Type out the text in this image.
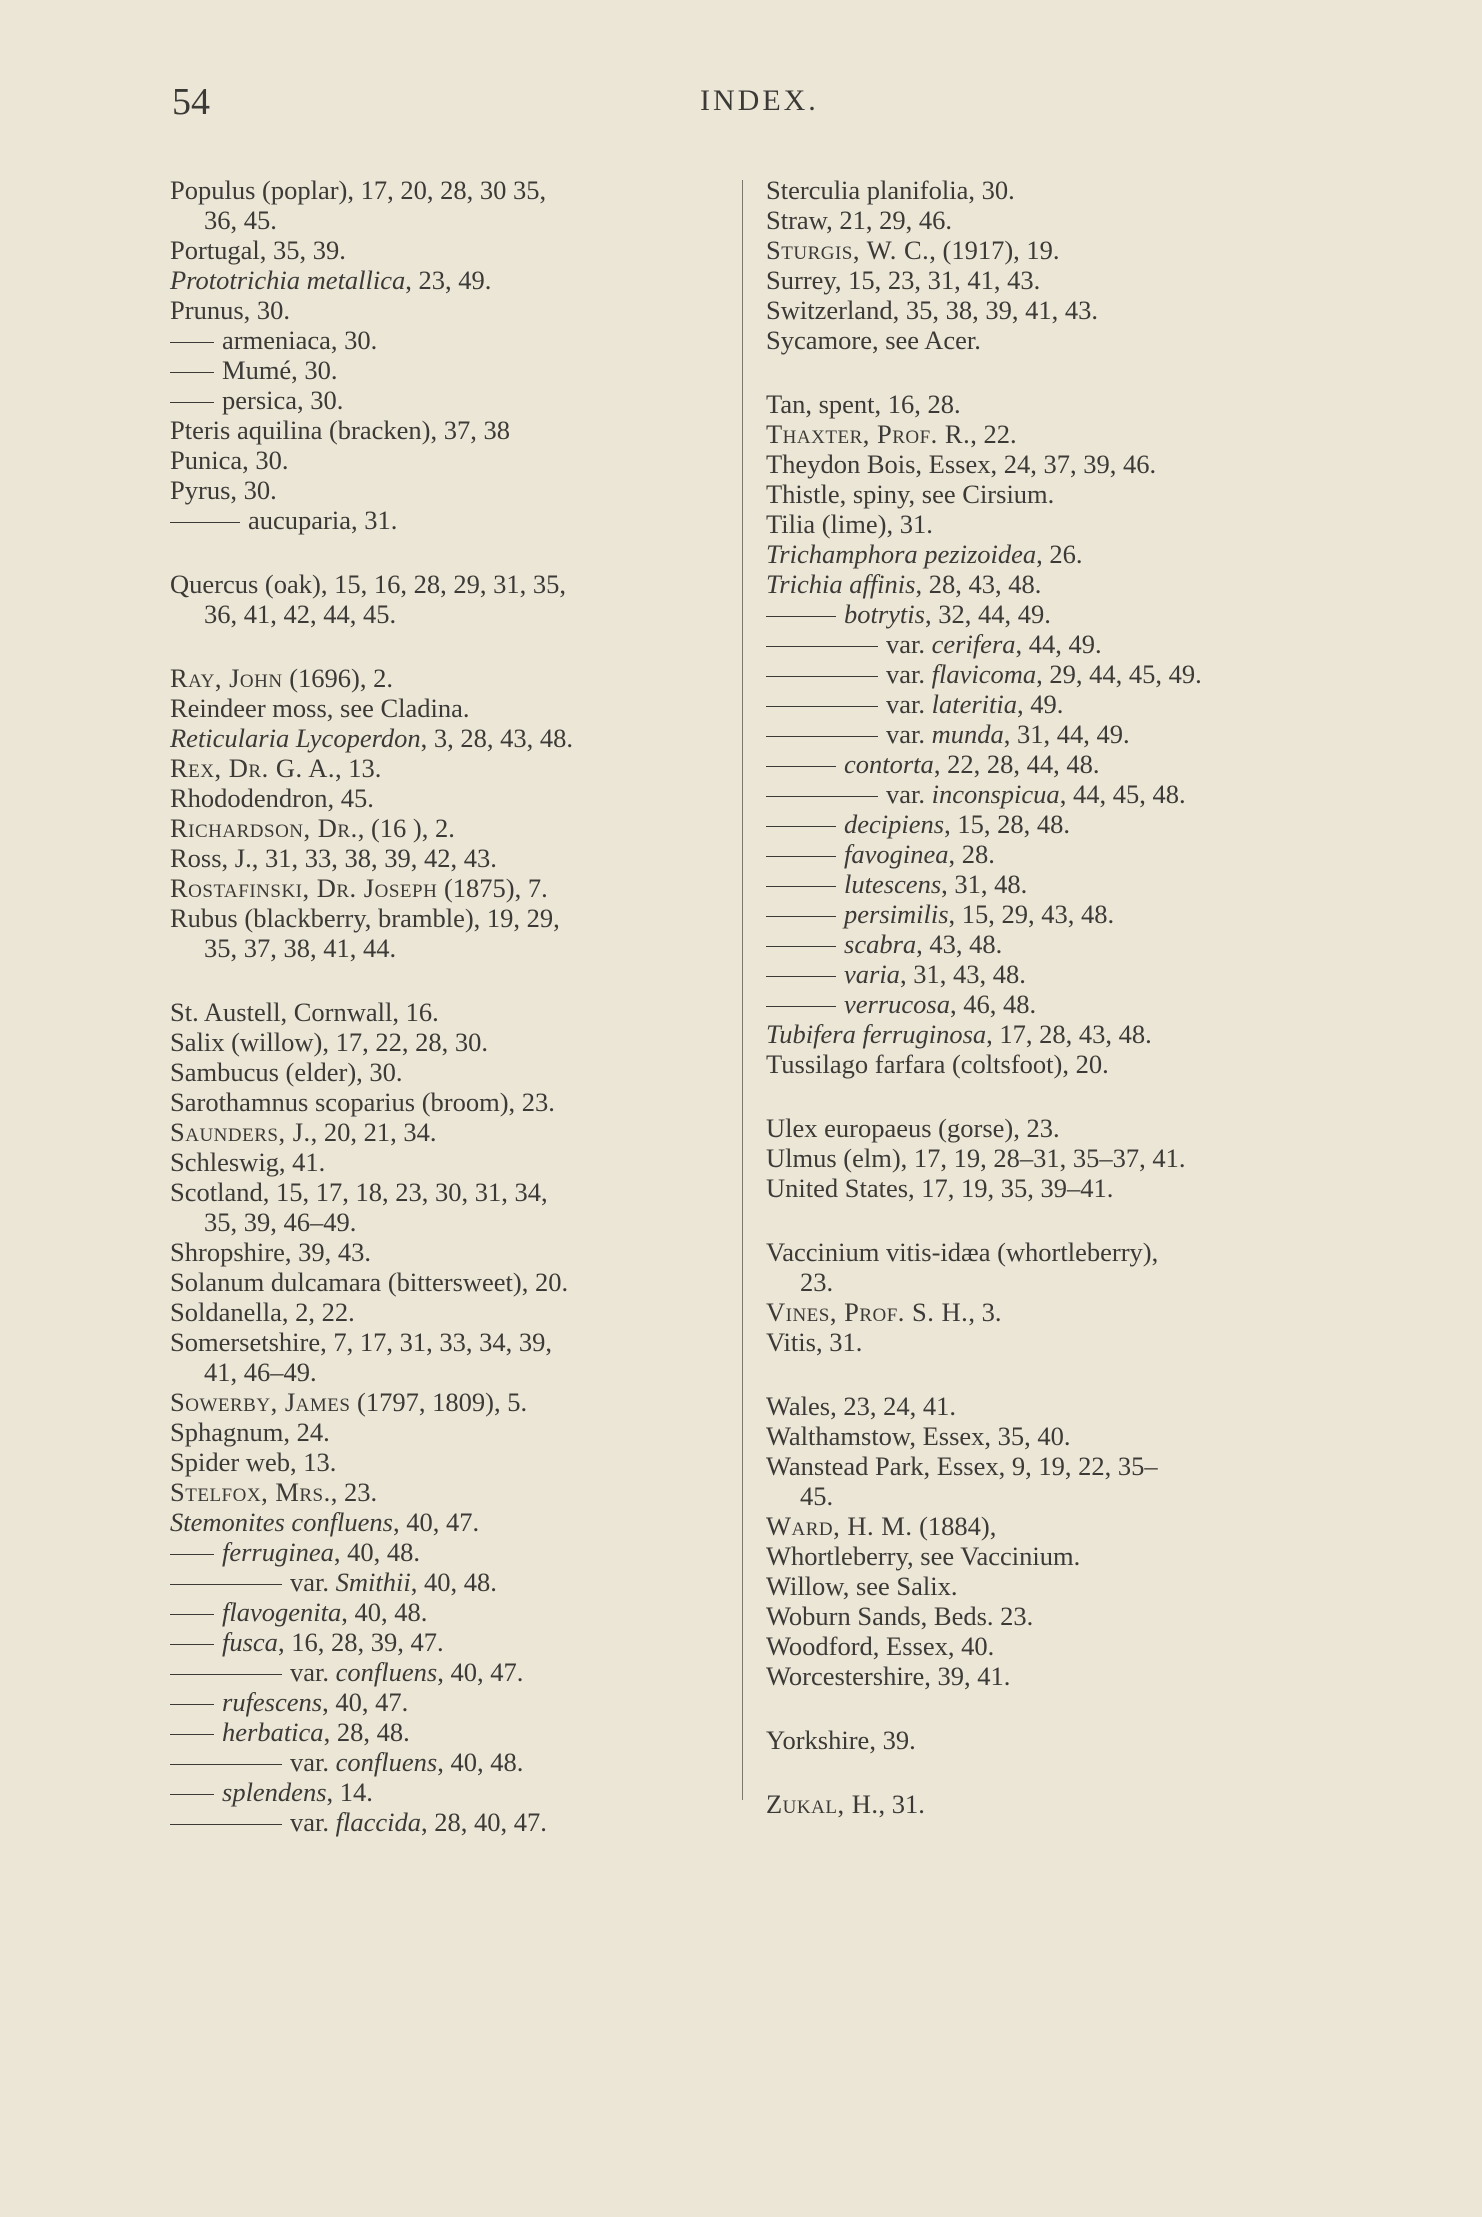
54	INDEX.
Populus (poplar), 17, 20, 28, 30 35,
36, 45.
Portugal, 35, 39.
Prototrichia metallica, 23, 49.
Prunus, 30.
armeniaca, 30.
Mumé, 30.
persica, 30.
Pteris aquilina (bracken), 37, 38
Punica, 30.
Pyrus, 30.
aucuparia, 31.
Quercus (oak), 15, 16, 28, 29, 31, 35,
36, 41, 42, 44, 45.
Ray, John (1696), 2.
Reindeer moss, see Cladina.
Reticularia Lycoperdon, 3, 28, 43, 48.
Rex, Dr. G. A., 13.
Rhododendron, 45.
Richardson, Dr., (16 ), 2.
Ross, J., 31, 33, 38, 39, 42, 43.
Rostafinski, Dr. Joseph (1875), 7.
Rubus (blackberry, bramble), 19, 29,
35, 37, 38, 41, 44.
St. Austell, Cornwall, 16.
Salix (willow), 17, 22, 28, 30.
Sambucus (elder), 30.
Sarothamnus scoparius (broom), 23.
Saunders, J., 20, 21, 34.
Schleswig, 41.
Scotland, 15, 17, 18, 23, 30, 31, 34,
35, 39, 46–49.
Shropshire, 39, 43.
Solanum dulcamara (bittersweet), 20.
Soldanella, 2, 22.
Somersetshire, 7, 17, 31, 33, 34, 39,
41, 46–49.
Sowerby, James (1797, 1809), 5.
Sphagnum, 24.
Spider web, 13.
Stelfox, Mrs., 23.
Stemonites confluens, 40, 47.
ferruginea, 40, 48.
var. Smithii, 40, 48.
flavogenita, 40, 48.
fusca, 16, 28, 39, 47.
var. confluens, 40, 47.
rufescens, 40, 47.
herbatica, 28, 48.
var. confluens, 40, 48.
splendens, 14.
var. flaccida, 28, 40, 47.
Sterculia planifolia, 30.
Straw, 21, 29, 46.
Sturgis, W. C., (1917), 19.
Surrey, 15, 23, 31, 41, 43.
Switzerland, 35, 38, 39, 41, 43.
Sycamore, see Acer.
Tan, spent, 16, 28.
Thaxter, Prof. R., 22.
Theydon Bois, Essex, 24, 37, 39, 46.
Thistle, spiny, see Cirsium.
Tilia (lime), 31.
Trichamphora pezizoidea, 26.
Trichia affinis, 28, 43, 48.
botrytis, 32, 44, 49.
var. cerifera, 44, 49.
var. flavicoma, 29, 44, 45, 49.
var. lateritia, 49.
var. munda, 31, 44, 49.
contorta, 22, 28, 44, 48.
var. inconspicua, 44, 45, 48.
decipiens, 15, 28, 48.
favoginea, 28.
lutescens, 31, 48.
persimilis, 15, 29, 43, 48.
scabra, 43, 48.
varia, 31, 43, 48.
verrucosa, 46, 48.
Tubifera ferruginosa, 17, 28, 43, 48.
Tussilago farfara (coltsfoot), 20.
Ulex europaeus (gorse), 23.
Ulmus (elm), 17, 19, 28–31, 35–37, 41.
United States, 17, 19, 35, 39–41.
Vaccinium vitis-idæa (whortleberry),
23.
Vines, Prof. S. H., 3.
Vitis, 31.
Wales, 23, 24, 41.
Walthamstow, Essex, 35, 40.
Wanstead Park, Essex, 9, 19, 22, 35–
45.
Ward, H. M. (1884),
Whortleberry, see Vaccinium.
Willow, see Salix.
Woburn Sands, Beds. 23.
Woodford, Essex, 40.
Worcestershire, 39, 41.
Yorkshire, 39.
Zukal, H., 31.
